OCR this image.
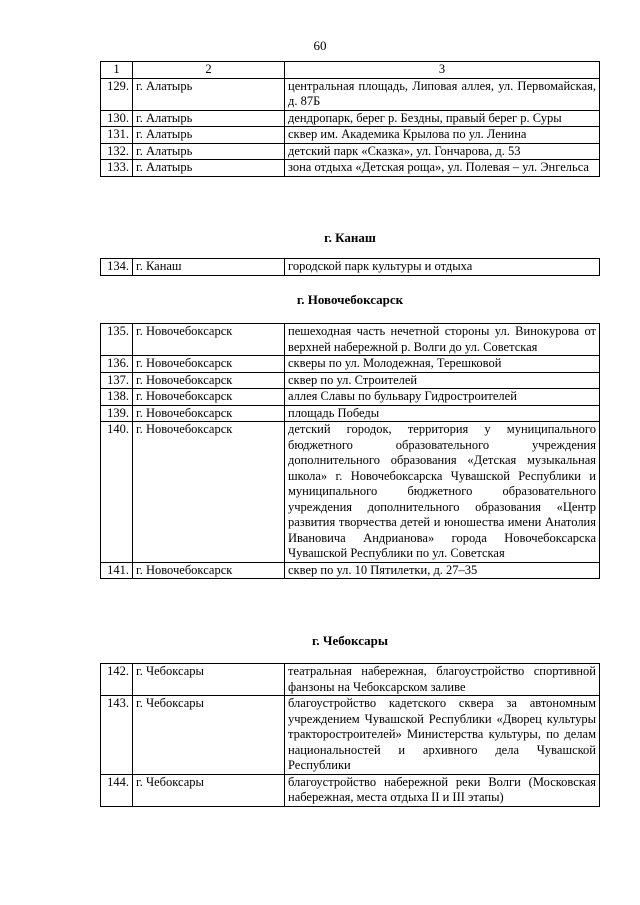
60
1	2	3
129.	г. Алатырь	центральная площадь, Липовая аллея, ул. Первомайская, д. 87Б
130.	г. Алатырь	дендропарк, берег р. Бездны, правый берег р. Суры
131.	г. Алатырь	сквер им. Академика Крылова по ул. Ленина
132.	г. Алатырь	детский парк «Сказка», ул. Гончарова, д. 53
133.	г. Алатырь	зона отдыха «Детская роща», ул. Полевая – ул. Энгельса
г. Канаш
134.	г. Канаш	городской парк культуры и отдыха
г. Новочебоксарск
135.	г. Новочебоксарск	пешеходная часть нечетной стороны ул. Винокурова от верхней набережной р. Волги до ул. Советская
136.	г. Новочебоксарск	скверы по ул. Молодежная, Терешковой
137.	г. Новочебоксарск	сквер по ул. Строителей
138.	г. Новочебоксарск	аллея Славы по бульвару Гидростроителей
139.	г. Новочебоксарск	площадь Победы
140.	г. Новочебоксарск	детский городок, территория у муниципального бюджетного образовательного учреждения дополнительного образования «Детская музыкальная школа» г. Новочебоксарска Чувашской Республики и муниципального бюджетного образовательного учреждения дополнительного образования «Центр развития творчества детей и юношества имени Анатолия Ивановича Андрианова» города Новочебоксарска Чувашской Республики по ул. Советская
141.	г. Новочебоксарск	сквер по ул. 10 Пятилетки, д. 27–35
г. Чебоксары
142.	г. Чебоксары	театральная набережная, благоустройство спортивной фанзоны на Чебоксарском заливе
143.	г. Чебоксары	благоустройство кадетского сквера за автономным учреждением Чувашской Республики «Дворец культуры тракторостроителей» Министерства культуры, по делам национальностей и архивного дела Чувашской Республики
144.	г. Чебоксары	благоустройство набережной реки Волги (Московская набережная, места отдыха II и III этапы)
